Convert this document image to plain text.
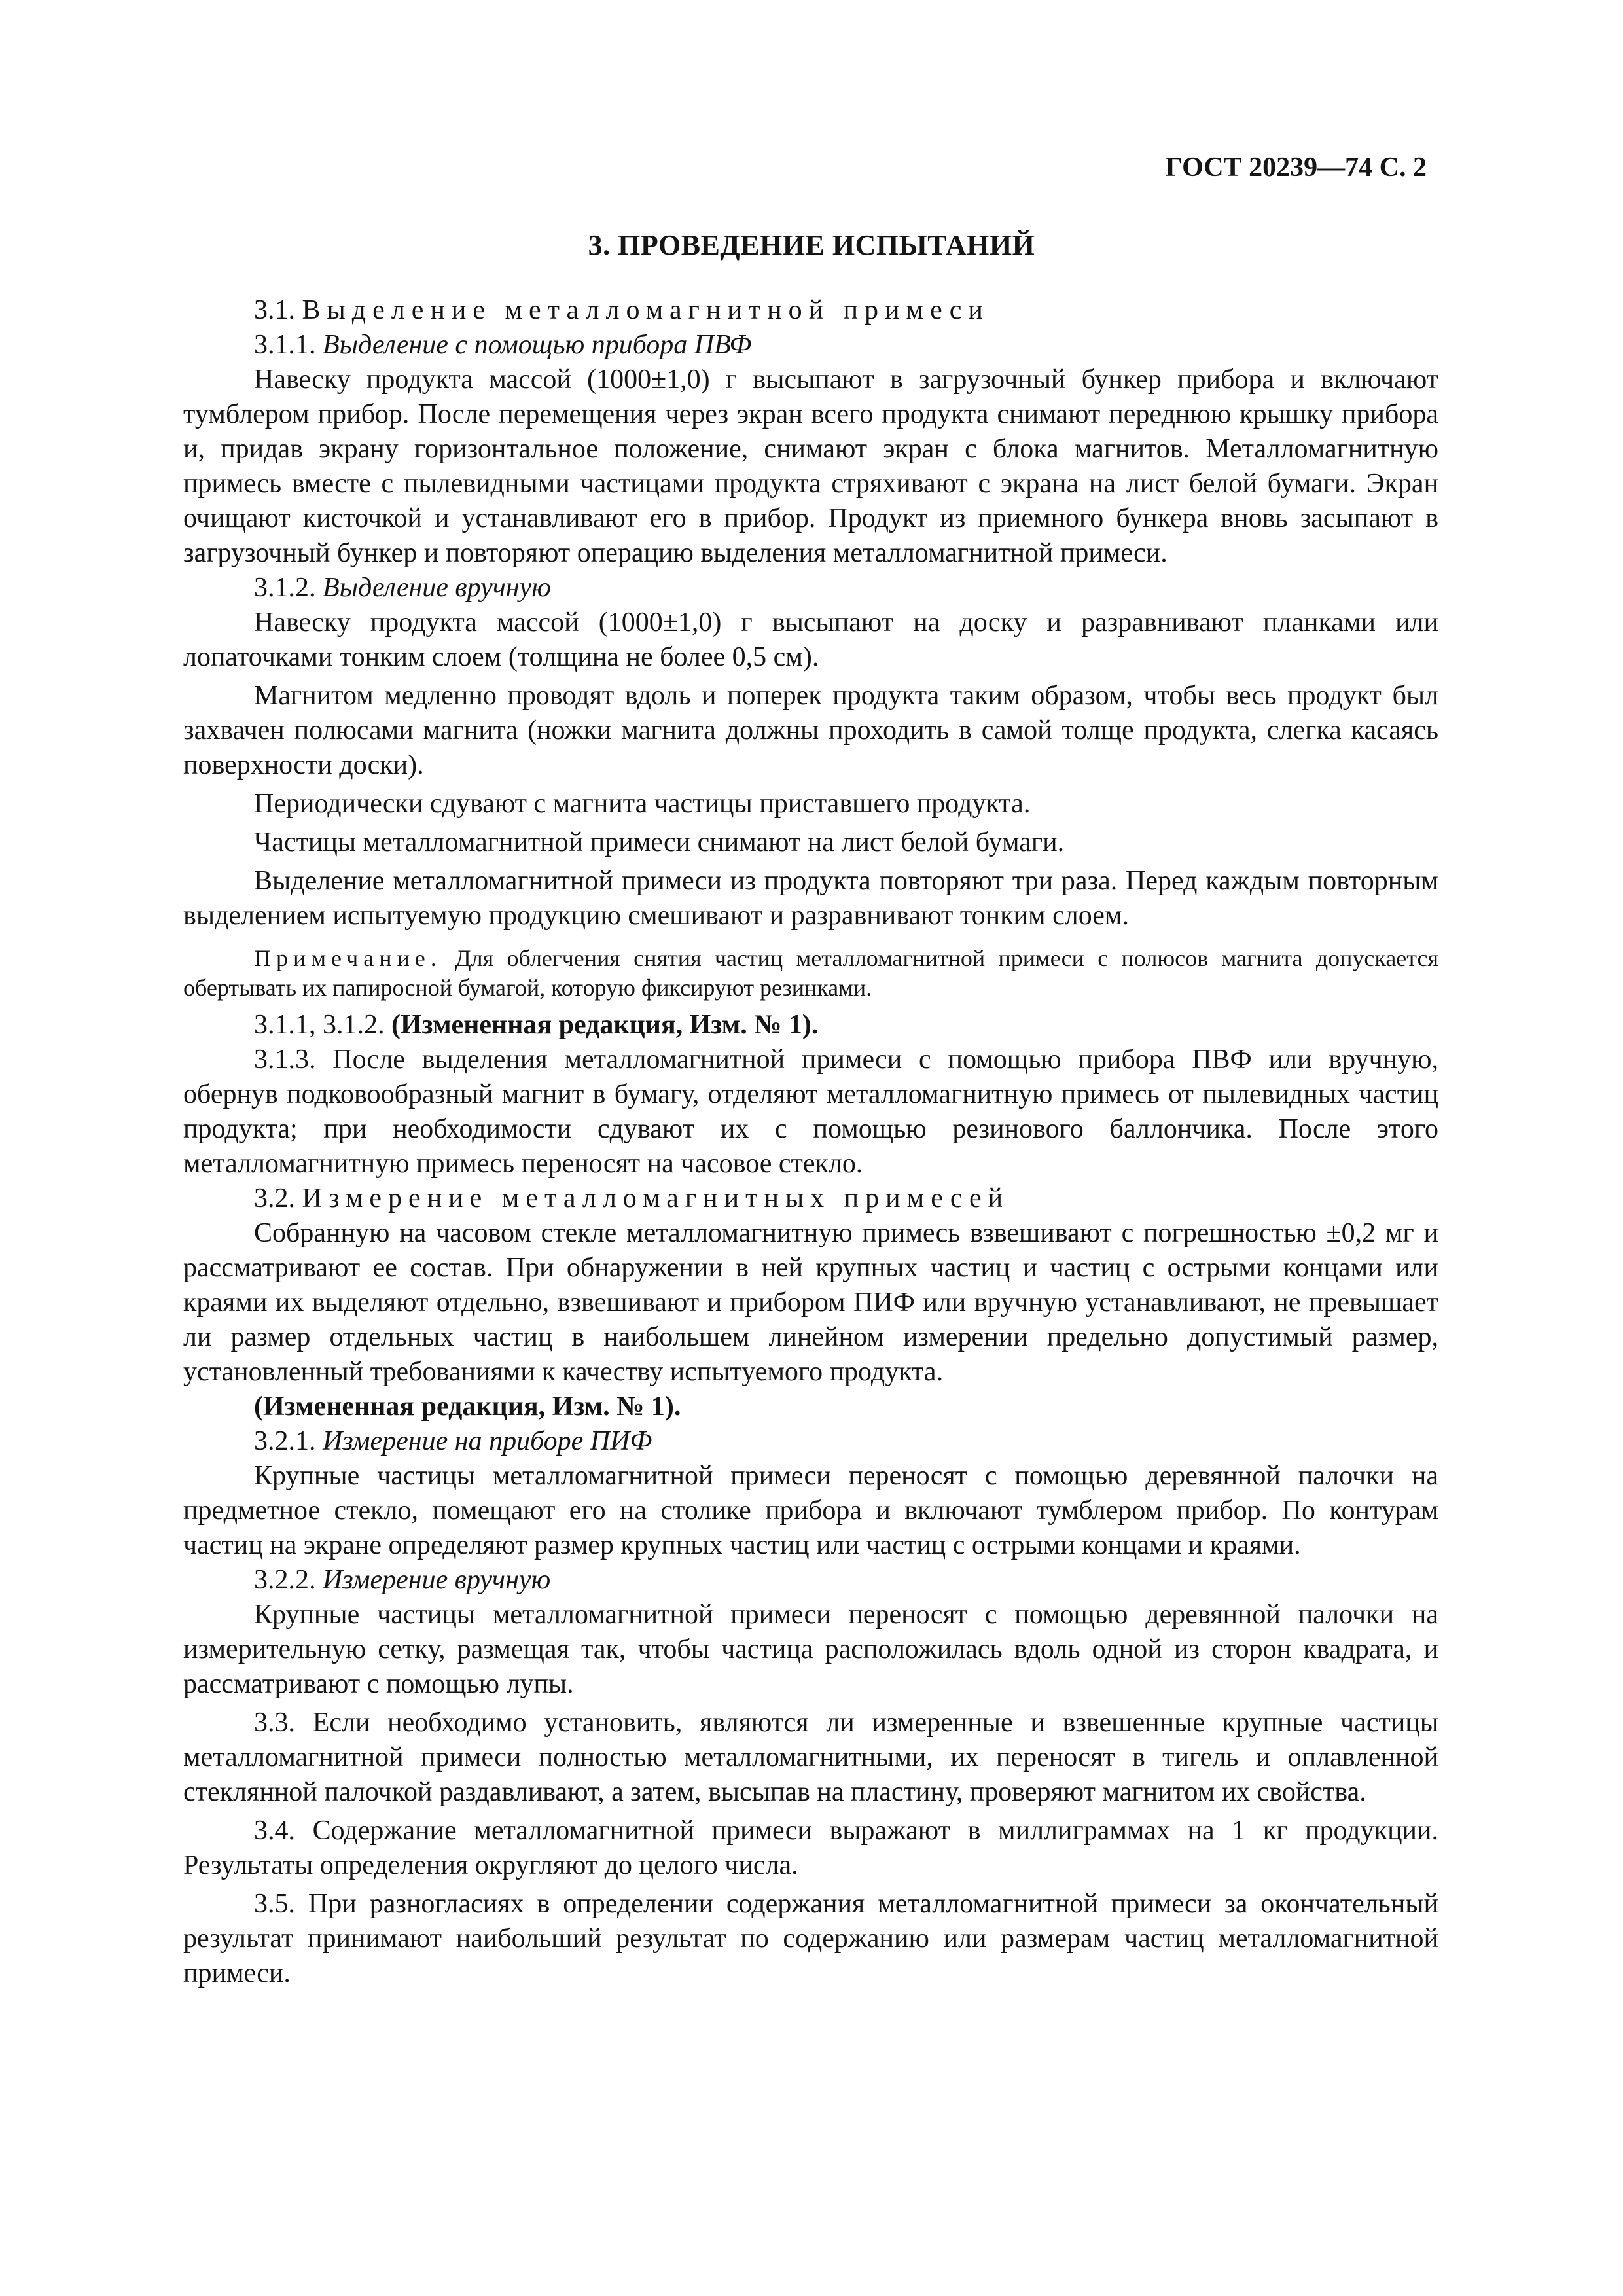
ГОСТ 20239—74 С. 2
3. ПРОВЕДЕНИЕ ИСПЫТАНИЙ

3.1. Выделение металломагнитной примеси

3.1.1. Выделение с помощью прибора ПВФ

Навеску продукта массой (1000±1,0) г высыпают в загрузочный бункер прибора и включают тумблером прибор. После перемещения через экран всего продукта снимают переднюю крышку прибора и, придав экрану горизонтальное положение, снимают экран с блока магнитов. Металломагнитную примесь вместе с пылевидными частицами продукта стряхивают с экрана на лист белой бумаги. Экран очищают кисточкой и устанавливают его в прибор. Продукт из приемного бункера вновь засыпают в загрузочный бункер и повторяют операцию выделения металломагнитной примеси.

3.1.2. Выделение вручную

Навеску продукта массой (1000±1,0) г высыпают на доску и разравнивают планками или лопаточками тонким слоем (толщина не более 0,5 см).

Магнитом медленно проводят вдоль и поперек продукта таким образом, чтобы весь продукт был захвачен полюсами магнита (ножки магнита должны проходить в самой толще продукта, слегка касаясь поверхности доски).

Периодически сдувают с магнита частицы приставшего продукта.

Частицы металломагнитной примеси снимают на лист белой бумаги.

Выделение металломагнитной примеси из продукта повторяют три раза. Перед каждым повторным выделением испытуемую продукцию смешивают и разравнивают тонким слоем.

Примечание. Для облегчения снятия частиц металломагнитной примеси с полюсов магнита допускается обертывать их папиросной бумагой, которую фиксируют резинками.

3.1.1, 3.1.2. (Измененная редакция, Изм. № 1).

3.1.3. После выделения металломагнитной примеси с помощью прибора ПВФ или вручную, обернув подковообразный магнит в бумагу, отделяют металломагнитную примесь от пылевидных частиц продукта; при необходимости сдувают их с помощью резинового баллончика. После этого металломагнитную примесь переносят на часовое стекло.

3.2. Измерение металломагнитных примесей

Собранную на часовом стекле металломагнитную примесь взвешивают с погрешностью ±0,2 мг и рассматривают ее состав. При обнаружении в ней крупных частиц и частиц с острыми концами или краями их выделяют отдельно, взвешивают и прибором ПИФ или вручную устанавливают, не превышает ли размер отдельных частиц в наибольшем линейном измерении предельно допустимый размер, установленный требованиями к качеству испытуемого продукта.

(Измененная редакция, Изм. № 1).

3.2.1. Измерение на приборе ПИФ

Крупные частицы металломагнитной примеси переносят с помощью деревянной палочки на предметное стекло, помещают его на столике прибора и включают тумблером прибор. По контурам частиц на экране определяют размер крупных частиц или частиц с острыми концами и краями.

3.2.2. Измерение вручную

Крупные частицы металломагнитной примеси переносят с помощью деревянной палочки на измерительную сетку, размещая так, чтобы частица расположилась вдоль одной из сторон квадрата, и рассматривают с помощью лупы.

3.3. Если необходимо установить, являются ли измеренные и взвешенные крупные частицы металломагнитной примеси полностью металломагнитными, их переносят в тигель и оплавленной стеклянной палочкой раздавливают, а затем, высыпав на пластину, проверяют магнитом их свойства.

3.4. Содержание металломагнитной примеси выражают в миллиграммах на 1 кг продукции. Результаты определения округляют до целого числа.

3.5. При разногласиях в определении содержания металломагнитной примеси за окончательный результат принимают наибольший результат по содержанию или размерам частиц металломагнитной примеси.
